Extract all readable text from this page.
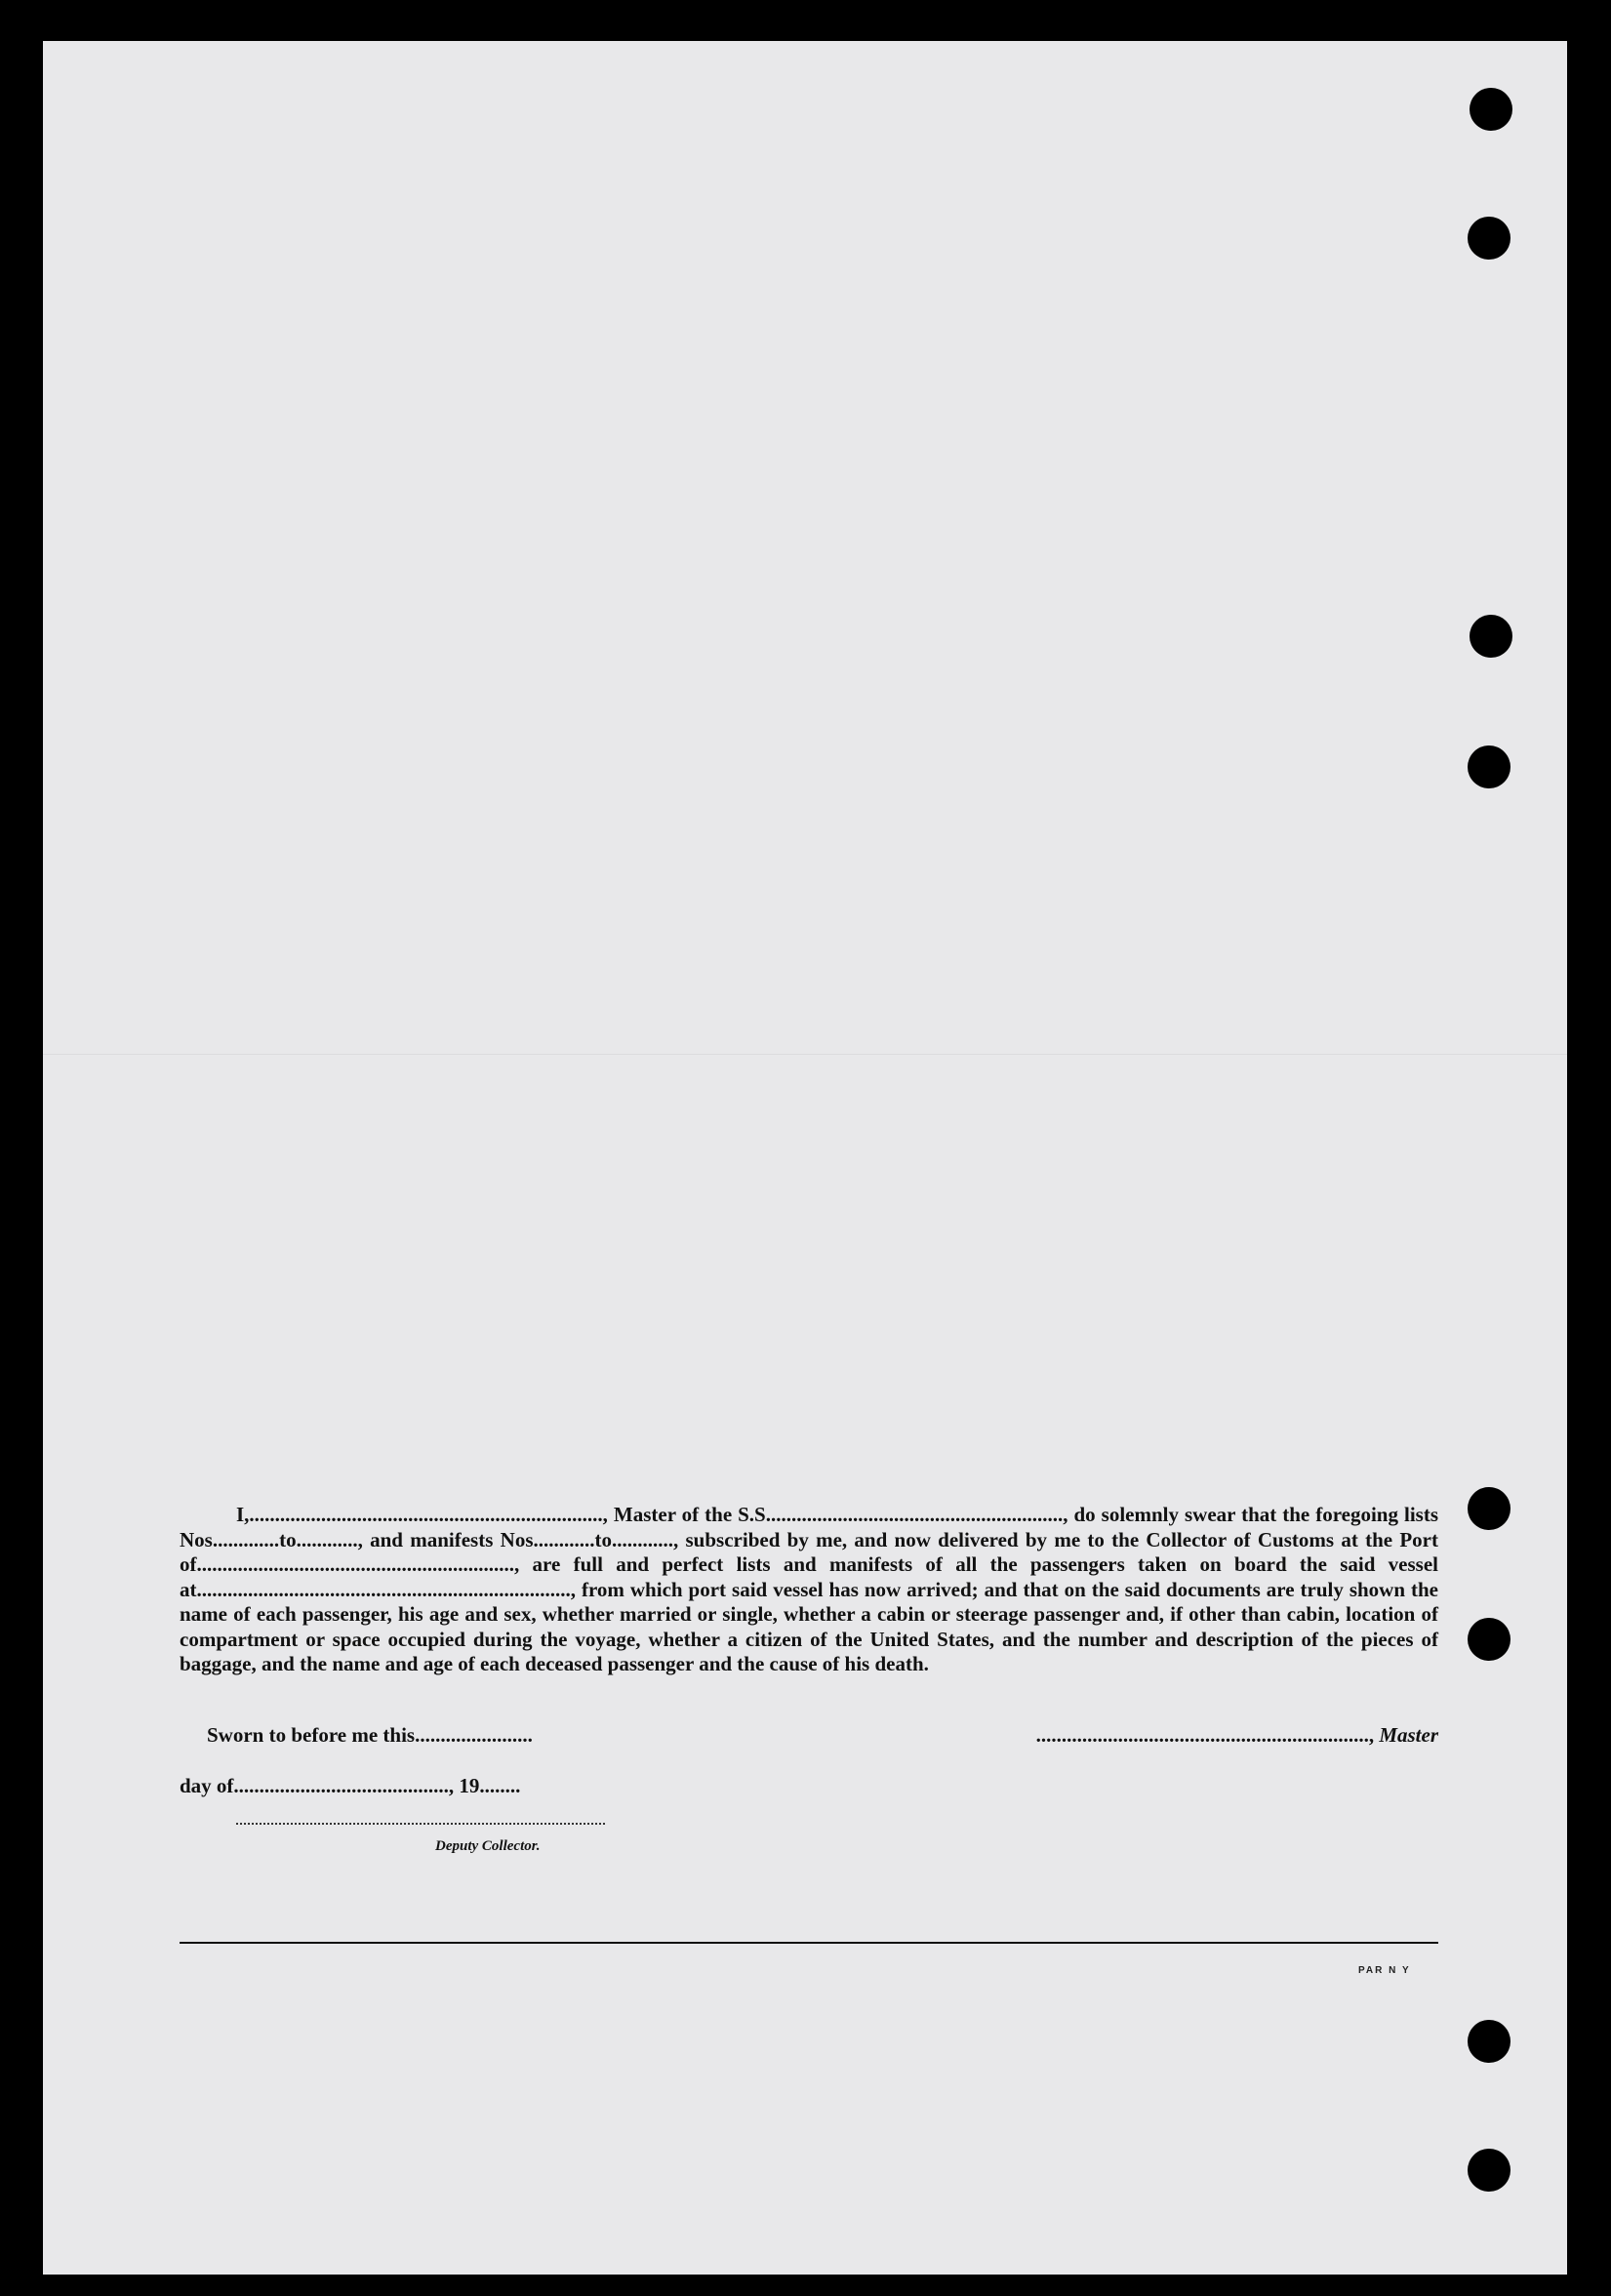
I,....................................................................., Master of the S.S.........................................................., do solemnly swear that the foregoing lists Nos.............to............, and manifests Nos............to............, subscribed by me, and now delivered by me to the Collector of Customs at the Port of.............................................................., are full and perfect lists and manifests of all the passengers taken on board the said vessel at........................................................................., from which port said vessel has now arrived; and that on the said documents are truly shown the name of each passenger, his age and sex, whether married or single, whether a cabin or steerage passenger and, if other than cabin, location of compartment or space occupied during the voyage, whether a citizen of the United States, and the number and description of the pieces of baggage, and the name and age of each deceased passenger and the cause of his death.

Sworn to before me this.......................	................................................................., Master
day of.........................................., 19........
Deputy Collector.
PAR N Y
